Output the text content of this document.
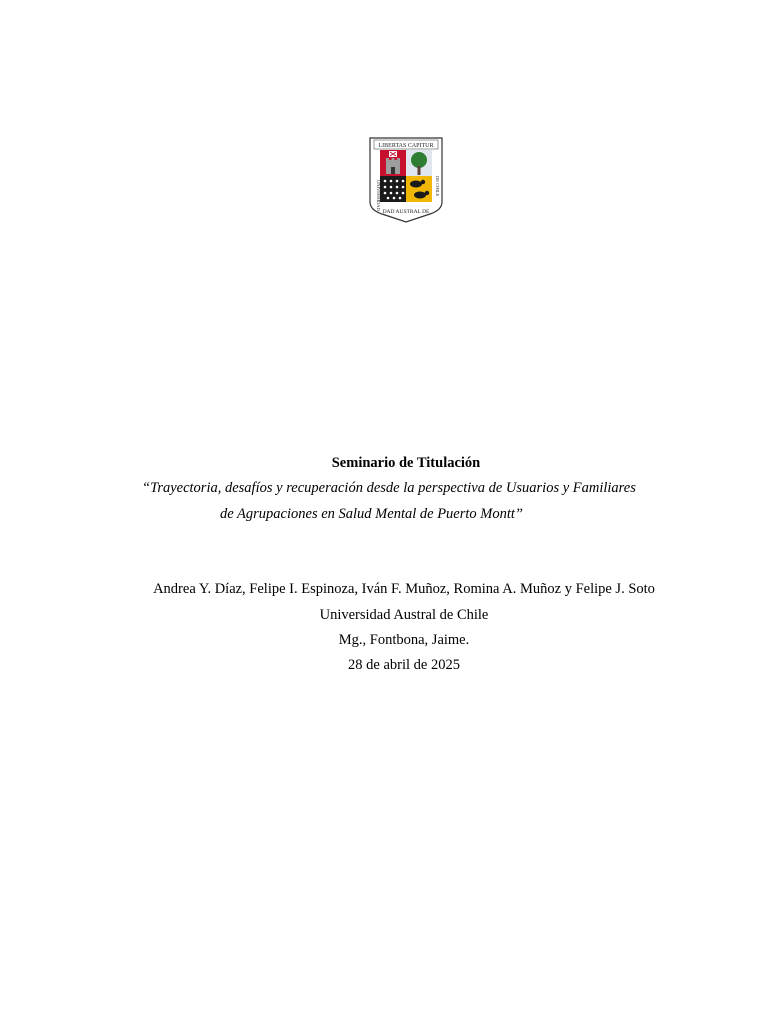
LIBERTAS CAPITUR
UNIVERSIDAD
DAD AUSTRAL DE
DE CHILE
Seminario de Titulación
“Trayectoria, desafíos y recuperación desde la perspectiva de Usuarios y Familiares
de Agrupaciones en Salud Mental de Puerto Montt”
Andrea Y. Díaz, Felipe I. Espinoza, Iván F. Muñoz, Romina A. Muñoz y Felipe J. Soto
Universidad Austral de Chile
Mg., Fontbona, Jaime.
28 de abril de 2025
